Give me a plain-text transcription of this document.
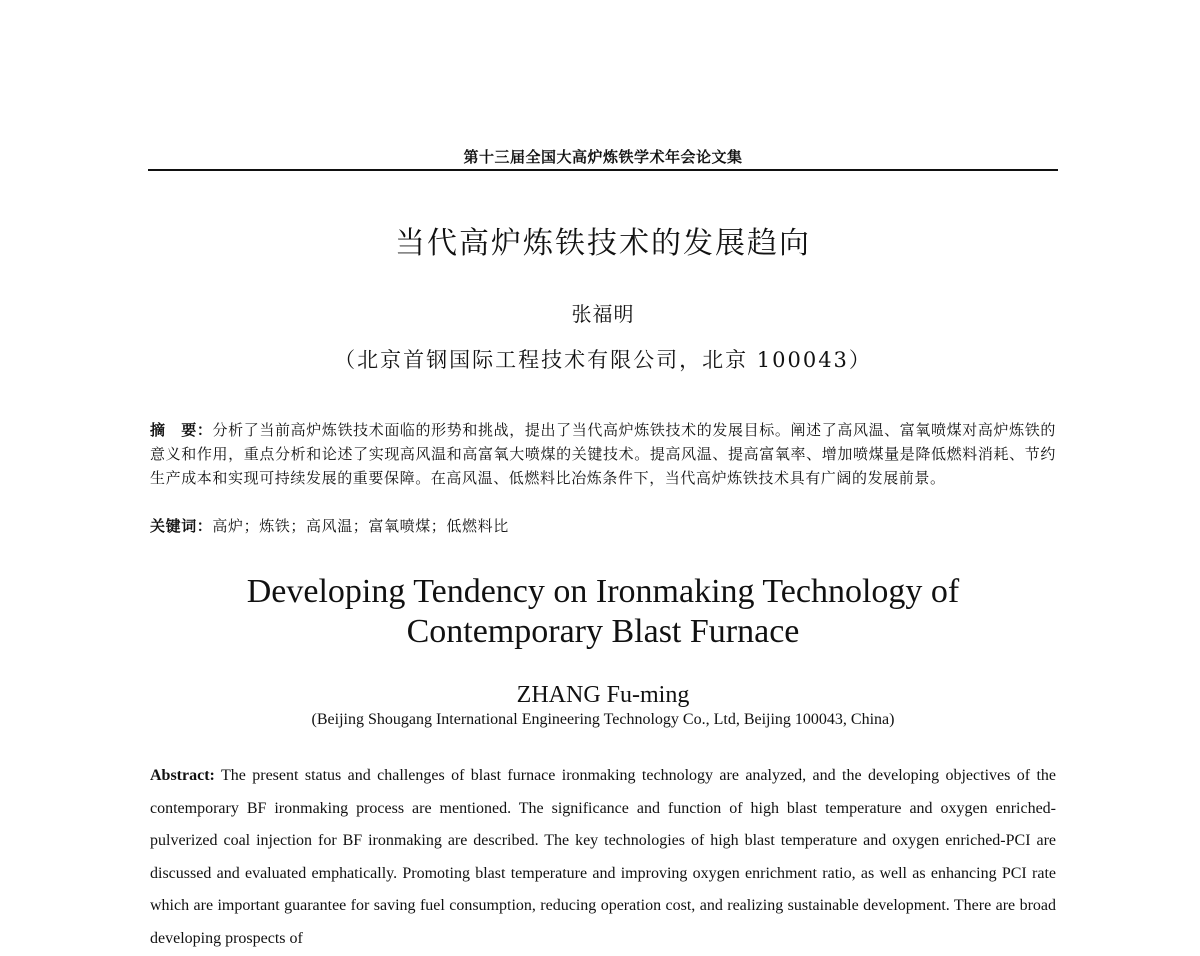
第十三届全国大高炉炼铁学术年会论文集
当代高炉炼铁技术的发展趋向
张福明
（北京首钢国际工程技术有限公司，北京 100043）
摘　要：分析了当前高炉炼铁技术面临的形势和挑战，提出了当代高炉炼铁技术的发展目标。阐述了高风温、富氧喷煤对高炉炼铁的意义和作用，重点分析和论述了实现高风温和高富氧大喷煤的关键技术。提高风温、提高富氧率、增加喷煤量是降低燃料消耗、节约生产成本和实现可持续发展的重要保障。在高风温、低燃料比冶炼条件下，当代高炉炼铁技术具有广阔的发展前景。
关键词：高炉；炼铁；高风温；富氧喷煤；低燃料比
Developing Tendency on Ironmaking Technology of
Contemporary Blast Furnace
ZHANG Fu-ming
(Beijing Shougang International Engineering Technology Co., Ltd, Beijing 100043, China)
Abstract: The present status and challenges of blast furnace ironmaking technology are analyzed, and the developing objectives of the contemporary BF ironmaking process are mentioned. The significance and function of high blast temperature and oxygen enriched-pulverized coal injection for BF ironmaking are described. The key technologies of high blast temperature and oxygen enriched-PCI are discussed and evaluated emphatically. Promoting blast temperature and improving oxygen enrichment ratio, as well as enhancing PCI rate which are important guarantee for saving fuel consumption, reducing operation cost, and realizing sustainable development. There are broad developing prospects of
